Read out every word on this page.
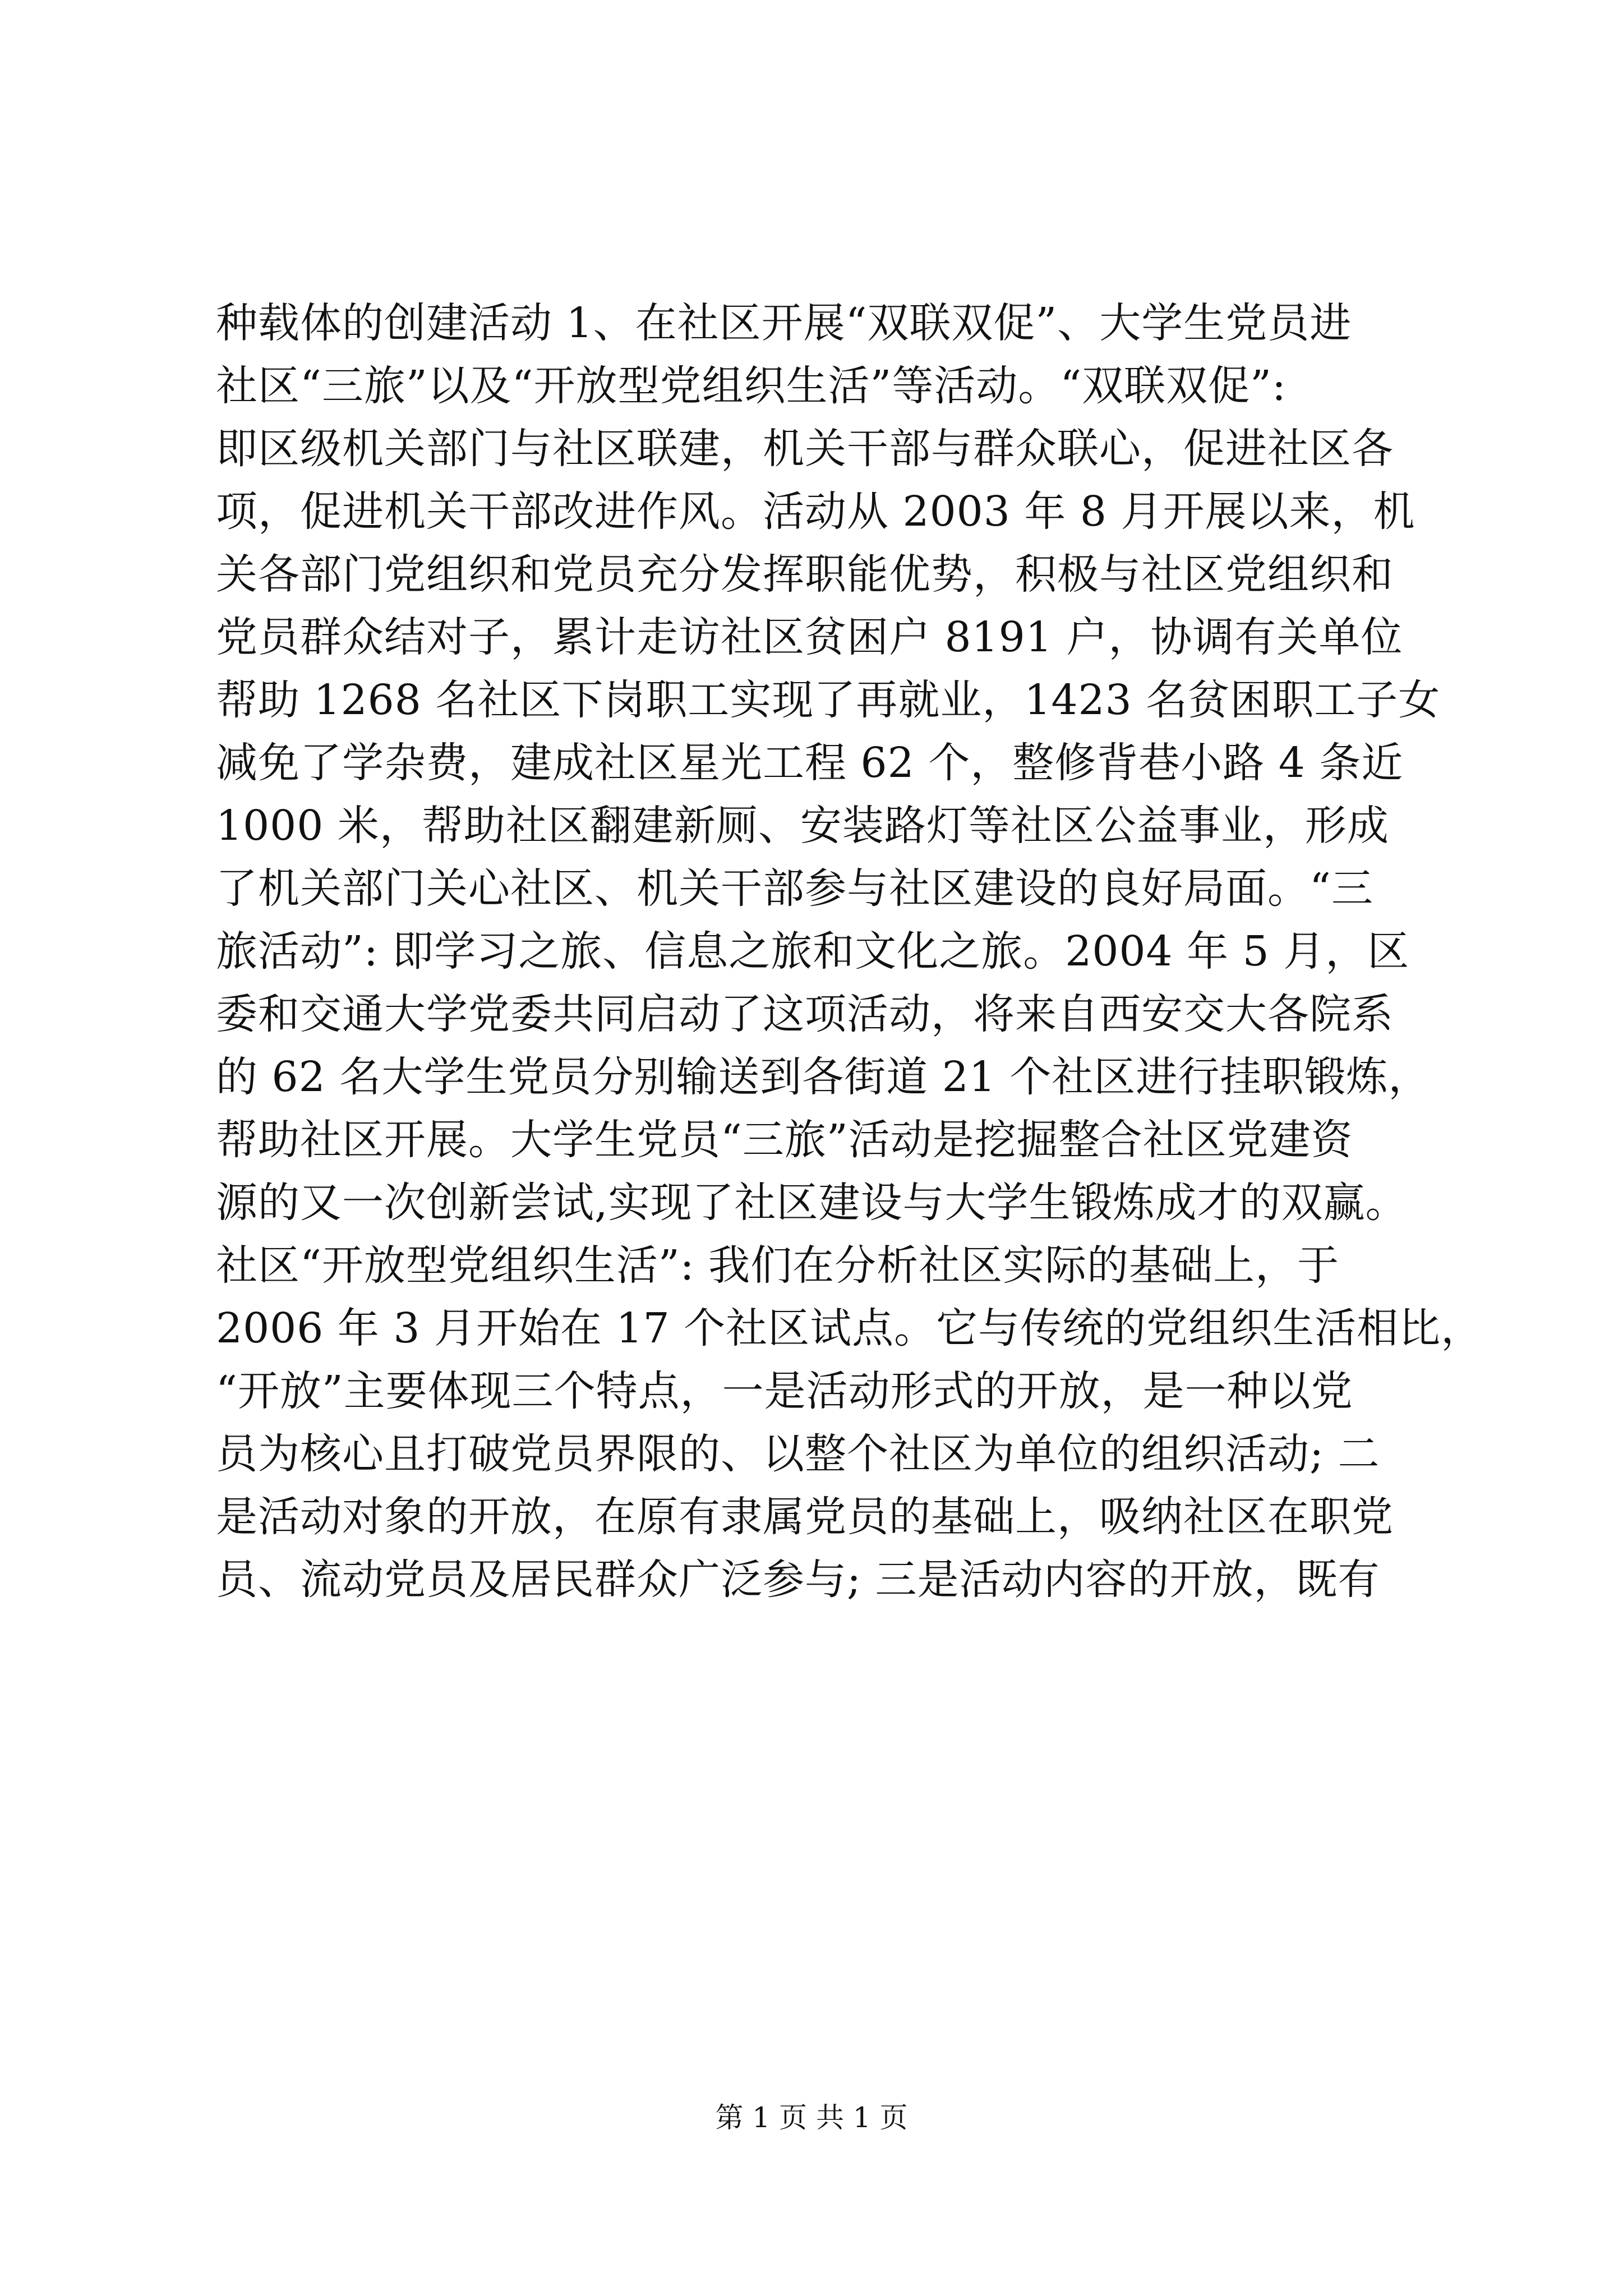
种载体的创建活动 1、在社区开展“双联双促”、大学生党员进
社区“三旅”以及“开放型党组织生活”等活动。“双联双促”:
即区级机关部门与社区联建，机关干部与群众联心，促进社区各
项，促进机关干部改进作风。活动从 2003 年 8 月开展以来，机
关各部门党组织和党员充分发挥职能优势，积极与社区党组织和
党员群众结对子，累计走访社区贫困户 8191 户，协调有关单位
帮助 1268 名社区下岗职工实现了再就业，1423 名贫困职工子女
减免了学杂费，建成社区星光工程 62 个，整修背巷小路 4 条近
1000 米，帮助社区翻建新厕、安装路灯等社区公益事业，形成
了机关部门关心社区、机关干部参与社区建设的良好局面。“三
旅活动”: 即学习之旅、信息之旅和文化之旅。2004 年 5 月，区
委和交通大学党委共同启动了这项活动，将来自西安交大各院系
的 62 名大学生党员分别输送到各街道 21 个社区进行挂职锻炼，
帮助社区开展。大学生党员“三旅”活动是挖掘整合社区党建资
源的又一次创新尝试,实现了社区建设与大学生锻炼成才的双赢。
社区“开放型党组织生活”: 我们在分析社区实际的基础上，于
2006 年 3 月开始在 17 个社区试点。它与传统的党组织生活相比，
“开放”主要体现三个特点，一是活动形式的开放，是一种以党
员为核心且打破党员界限的、以整个社区为单位的组织活动; 二
是活动对象的开放，在原有隶属党员的基础上，吸纳社区在职党
员、流动党员及居民群众广泛参与; 三是活动内容的开放，既有
第 1 页 共 1 页
